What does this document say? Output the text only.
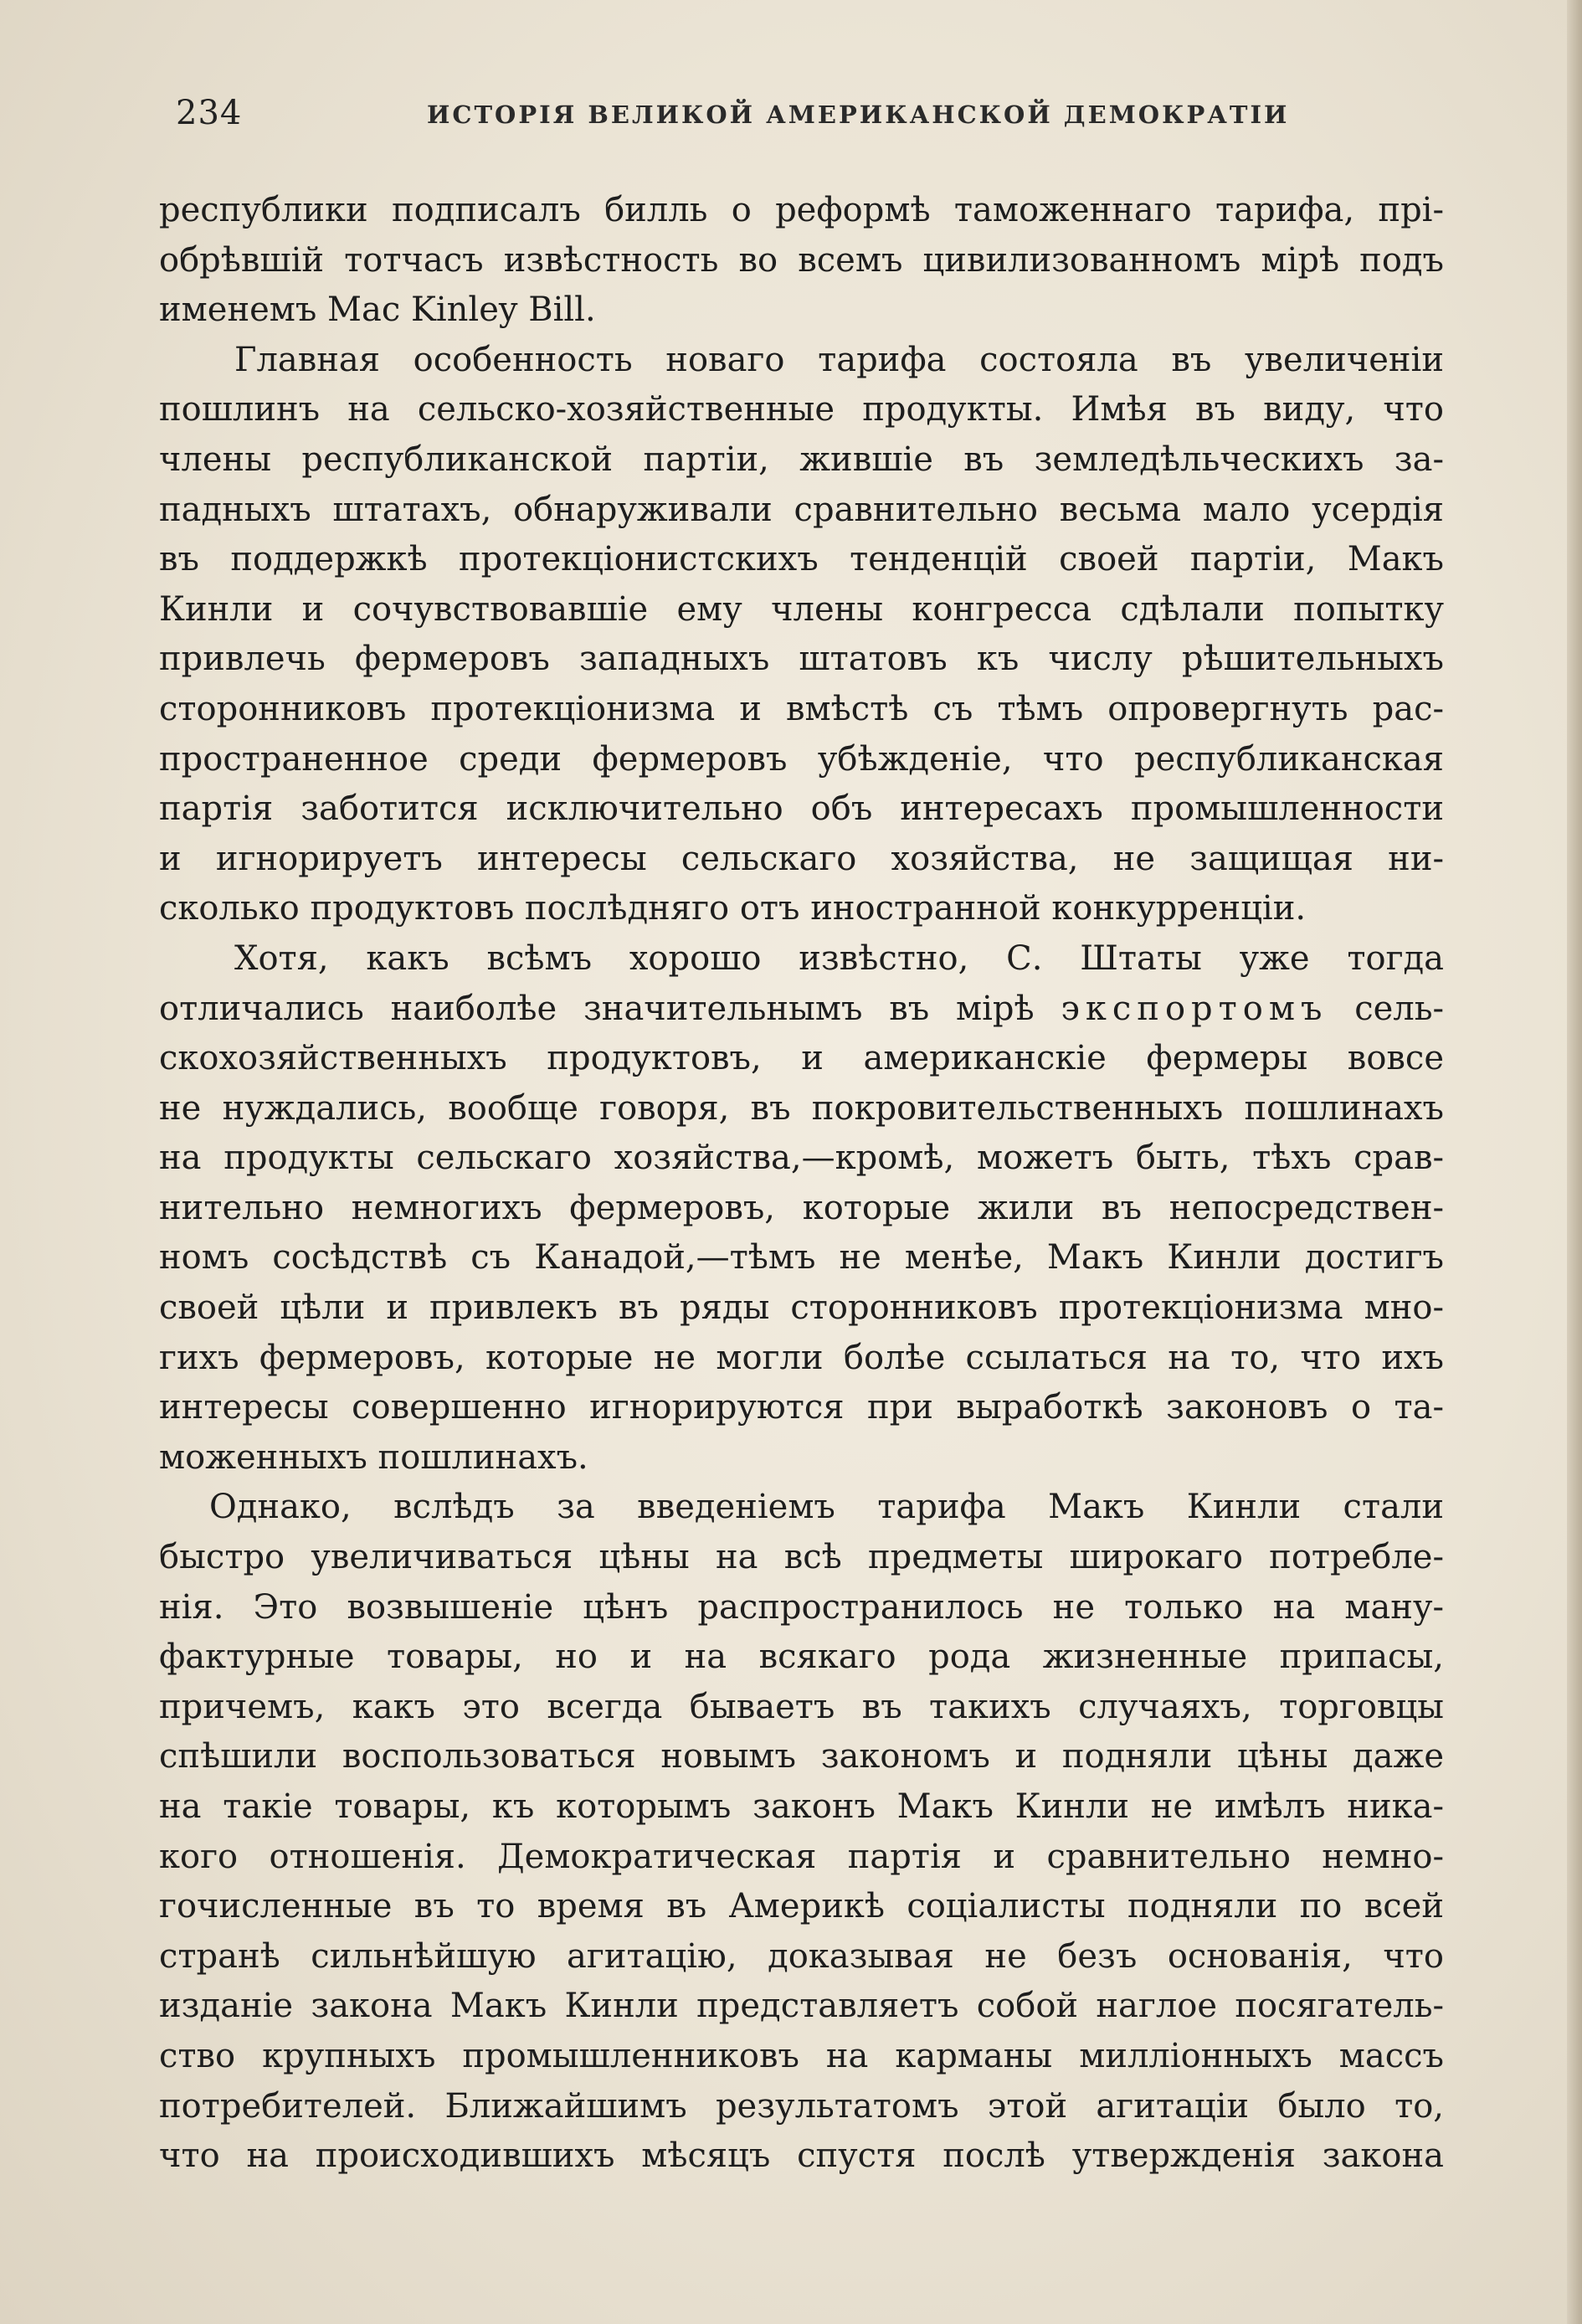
234	ИСТОРІЯ ВЕЛИКОЙ АМЕРИКАНСКОЙ ДЕМОКРАТІИ
республики подписалъ билль о реформѣ таможеннаго тарифа, прі-
обрѣвшій тотчасъ извѣстность во всемъ цивилизованномъ мірѣ подъ
именемъ Mac Kinley Bill.
Главная особенность новаго тарифа состояла въ увеличеніи
пошлинъ на сельско-хозяйственные продукты. Имѣя въ виду, что
члены республиканской партіи, жившіе въ земледѣльческихъ за-
падныхъ штатахъ, обнаруживали сравнительно весьма мало усердія
въ поддержкѣ протекціонистскихъ тенденцій своей партіи, Макъ
Кинли и сочувствовавшіе ему члены конгресса сдѣлали попытку
привлечь фермеровъ западныхъ штатовъ къ числу рѣшительныхъ
сторонниковъ протекціонизма и вмѣстѣ съ тѣмъ опровергнуть рас-
пространенное среди фермеровъ убѣжденіе, что республиканская
партія заботится исключительно объ интересахъ промышленности
и игнорируетъ интересы сельскаго хозяйства, не защищая ни-
сколько продуктовъ послѣдняго отъ иностранной конкурренціи.
Хотя, какъ всѣмъ хорошо извѣстно, С. Штаты уже тогда
отличались наиболѣе значительнымъ въ мірѣ экспортомъ сель-
скохозяйственныхъ продуктовъ, и американскіе фермеры вовсе
не нуждались, вообще говоря, въ покровительственныхъ пошлинахъ
на продукты сельскаго хозяйства,—кромѣ, можетъ быть, тѣхъ срав-
нительно немногихъ фермеровъ, которые жили въ непосредствен-
номъ сосѣдствѣ съ Канадой,—тѣмъ не менѣе, Макъ Кинли достигъ
своей цѣли и привлекъ въ ряды сторонниковъ протекціонизма мно-
гихъ фермеровъ, которые не могли болѣе ссылаться на то, что ихъ
интересы совершенно игнорируются при выработкѣ законовъ о та-
моженныхъ пошлинахъ.
Однако, вслѣдъ за введеніемъ тарифа Макъ Кинли стали
быстро увеличиваться цѣны на всѣ предметы широкаго потребле-
нія. Это возвышеніе цѣнъ распространилось не только на ману-
фактурные товары, но и на всякаго рода жизненные припасы,
причемъ, какъ это всегда бываетъ въ такихъ случаяхъ, торговцы
спѣшили воспользоваться новымъ закономъ и подняли цѣны даже
на такіе товары, къ которымъ законъ Макъ Кинли не имѣлъ никa-
кого отношенія. Демократическая партія и сравнительно немно-
гочисленные въ то время въ Америкѣ соціалисты подняли по всей
странѣ сильнѣйшую агитацію, доказывая не безъ основанія, что
изданіе закона Макъ Кинли представляетъ собой наглое посягатель-
ство крупныхъ промышленниковъ на карманы милліонныхъ массъ
потребителей. Ближайшимъ результатомъ этой агитаціи было то,
что на происходившихъ мѣсяцъ спустя послѣ утвержденія закона
